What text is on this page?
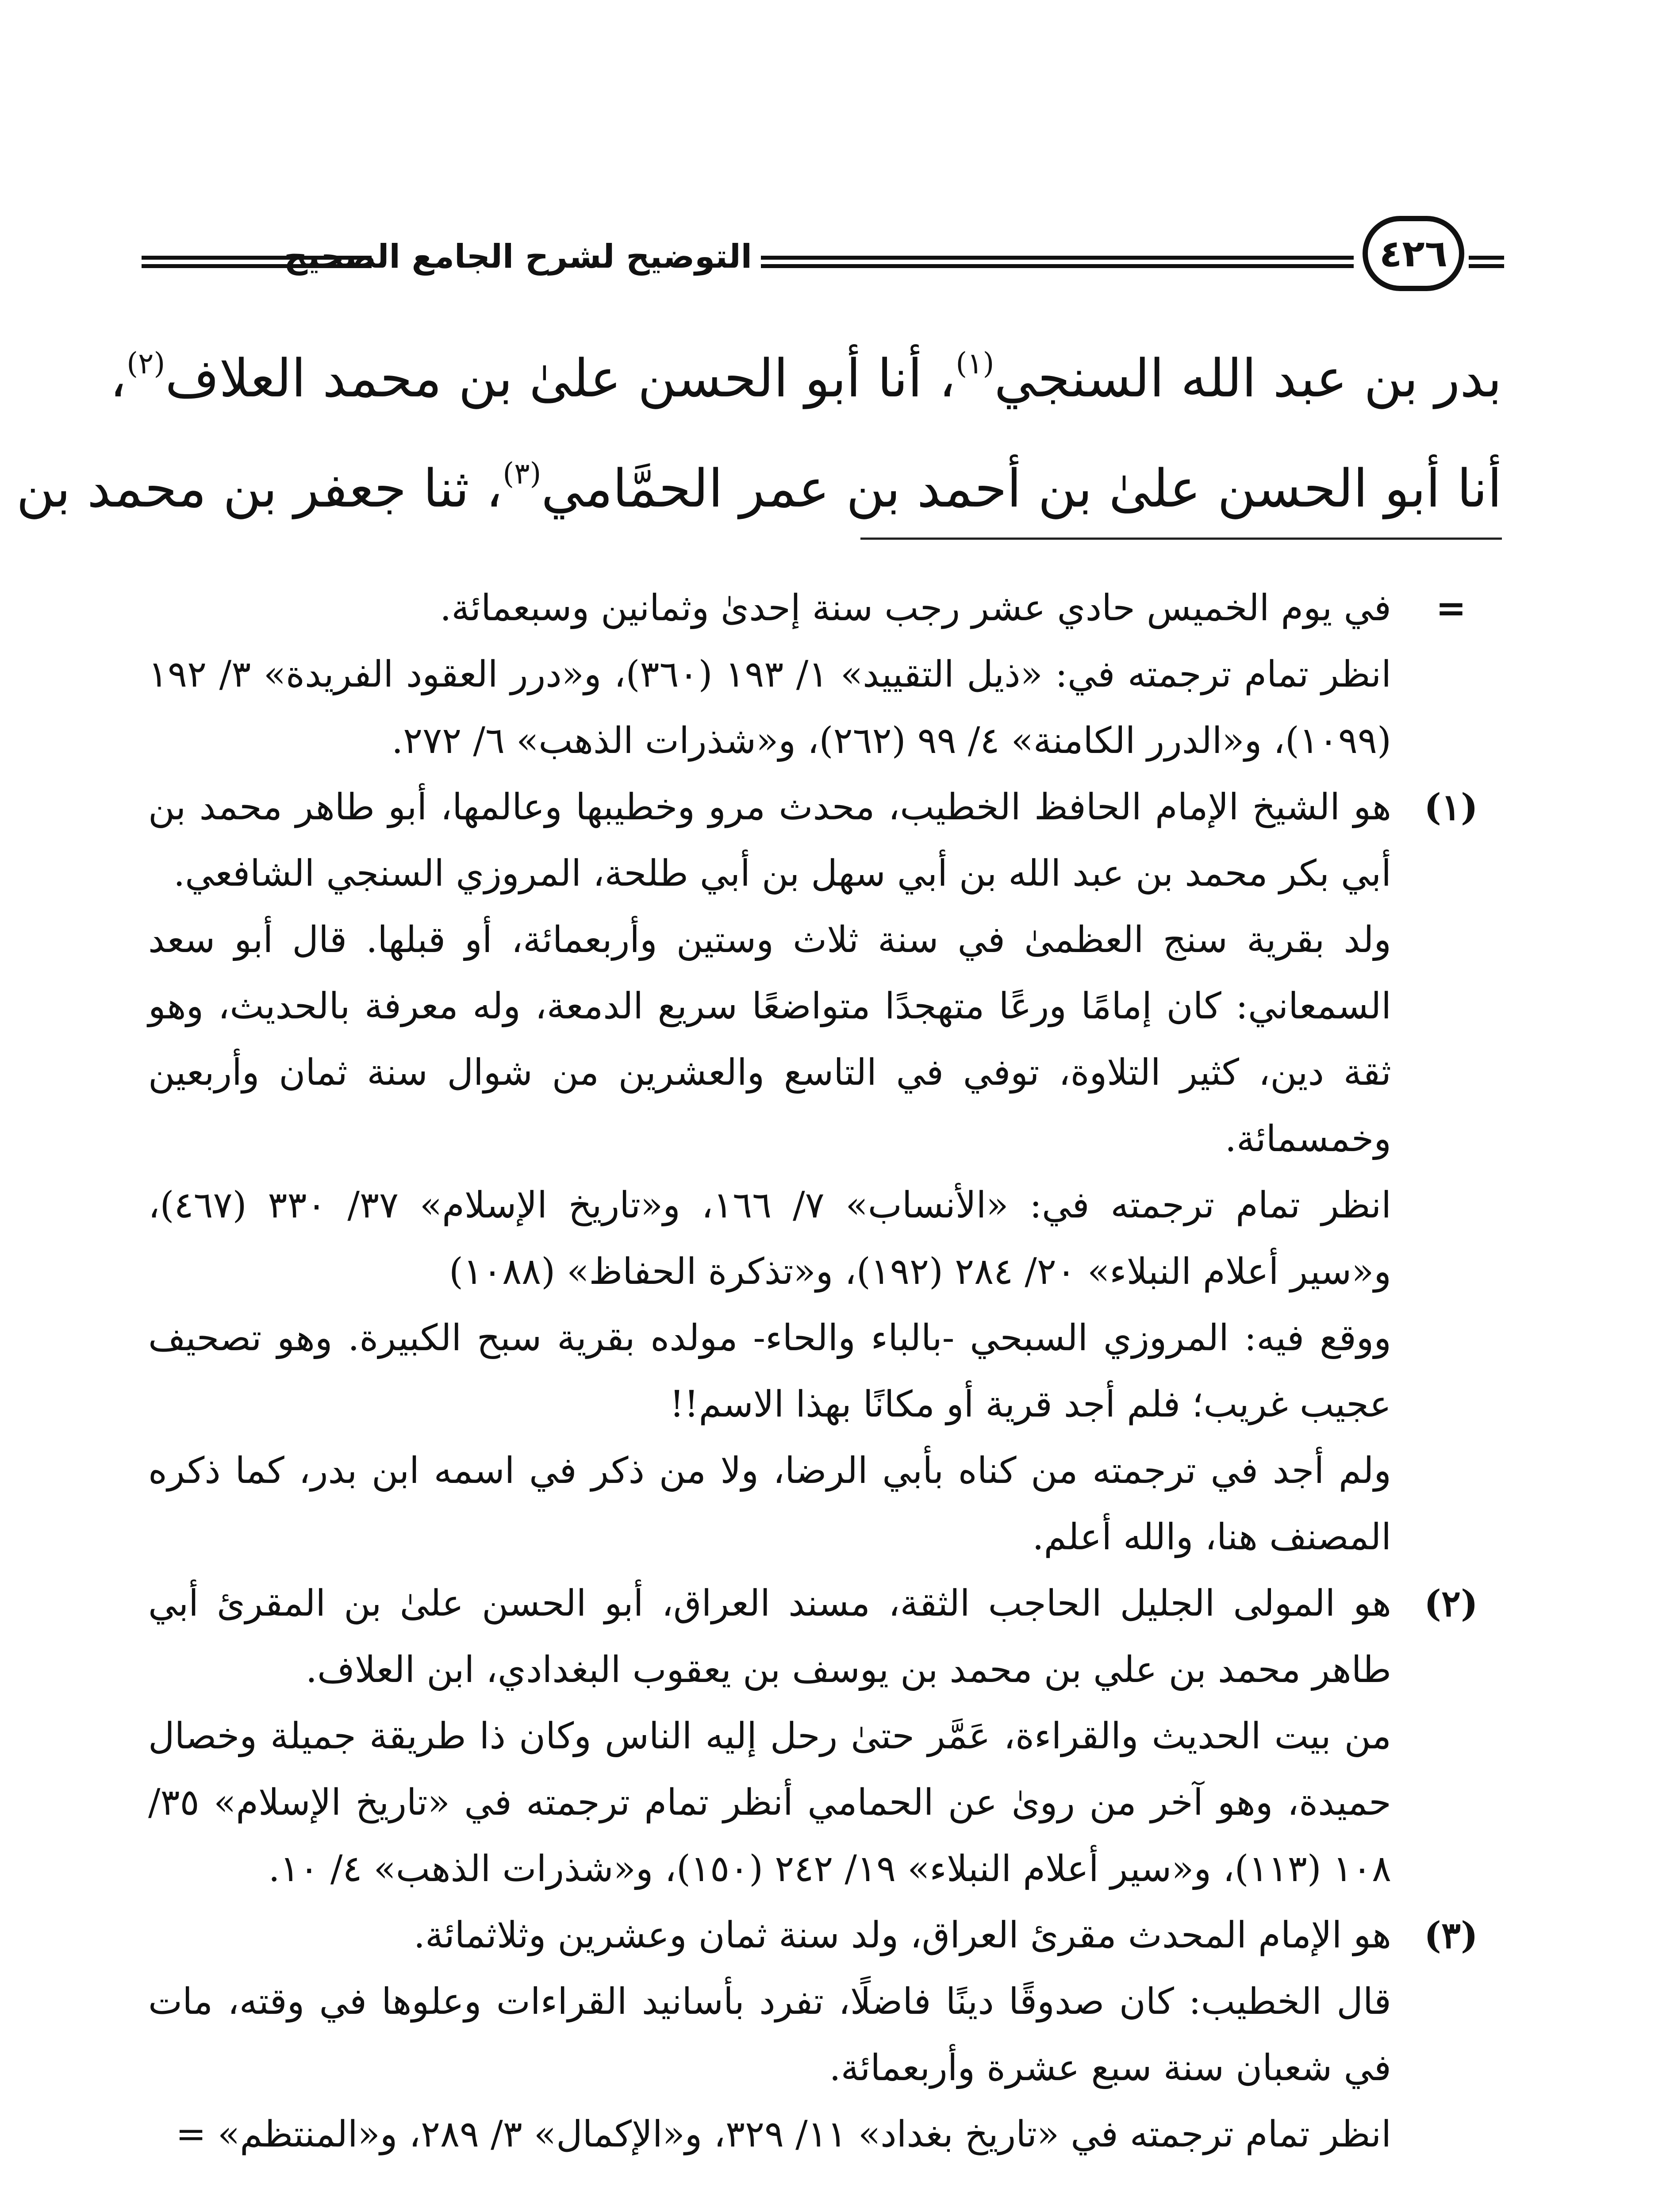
التوضيح لشرح الجامع الصحيح	٤٢٦
بدر بن عبد الله السنجي$^{(١)}$، أنا أبو الحسن علىٰ بن محمد العلاف$^{(٢)}$،
أنا أبو الحسن علىٰ بن أحمد بن عمر الحمَّامي$^{(٣)}$، ثنا جعفر بن محمد بن
=

في يوم الخميس حادي عشر رجب سنة إحدىٰ وثمانين وسبعمائة.

انظر تمام ترجمته في: «ذيل التقييد» ١/ ١٩٣ (٣٦٠)، و«درر العقود الفريدة» ٣/ ١٩٢ (١٠٩٩)، و«الدرر الكامنة» ٤/ ٩٩ (٢٦٢)، و«شذرات الذهب» ٦/ ٢٧٢.

(١)

هو الشيخ الإمام الحافظ الخطيب، محدث مرو وخطيبها وعالمها، أبو طاهر محمد بن أبي بكر محمد بن عبد الله بن أبي سهل بن أبي طلحة، المروزي السنجي الشافعي.

ولد بقرية سنج العظمىٰ في سنة ثلاث وستين وأربعمائة، أو قبلها. قال أبو سعد السمعاني: كان إمامًا ورعًا متهجدًا متواضعًا سريع الدمعة، وله معرفة بالحديث، وهو ثقة دين، كثير التلاوة، توفي في التاسع والعشرين من شوال سنة ثمان وأربعين وخمسمائة.

انظر تمام ترجمته في: «الأنساب» ٧/ ١٦٦، و«تاريخ الإسلام» ٣٧/ ٣٣٠ (٤٦٧)، و«سير أعلام النبلاء» ٢٠/ ٢٨٤ (١٩٢)، و«تذكرة الحفاظ» (١٠٨٨)

ووقع فيه: المروزي السبحي -بالباء والحاء- مولده بقرية سبح الكبيرة. وهو تصحيف عجيب غريب؛ فلم أجد قرية أو مكانًا بهذا الاسم!!

ولم أجد في ترجمته من كناه بأبي الرضا، ولا من ذكر في اسمه ابن بدر، كما ذكره المصنف هنا، والله أعلم.

(٢)

هو المولى الجليل الحاجب الثقة، مسند العراق، أبو الحسن علىٰ بن المقرئ أبي طاهر محمد بن علي بن محمد بن يوسف بن يعقوب البغدادي، ابن العلاف.

من بيت الحديث والقراءة، عَمَّر حتىٰ رحل إليه الناس وكان ذا طريقة جميلة وخصال حميدة، وهو آخر من روىٰ عن الحمامي أنظر تمام ترجمته في «تاريخ الإسلام» ٣٥/ ١٠٨ (١١٣)، و«سير أعلام النبلاء» ١٩/ ٢٤٢ (١٥٠)، و«شذرات الذهب» ٤/ ١٠.

(٣)

هو الإمام المحدث مقرئ العراق، ولد سنة ثمان وعشرين وثلاثمائة.

قال الخطيب: كان صدوقًا دينًا فاضلًا، تفرد بأسانيد القراءات وعلوها في وقته، مات في شعبان سنة سبع عشرة وأربعمائة.

انظر تمام ترجمته في «تاريخ بغداد» ١١/ ٣٢٩، و«الإكمال» ٣/ ٢٨٩، و«المنتظم» =
